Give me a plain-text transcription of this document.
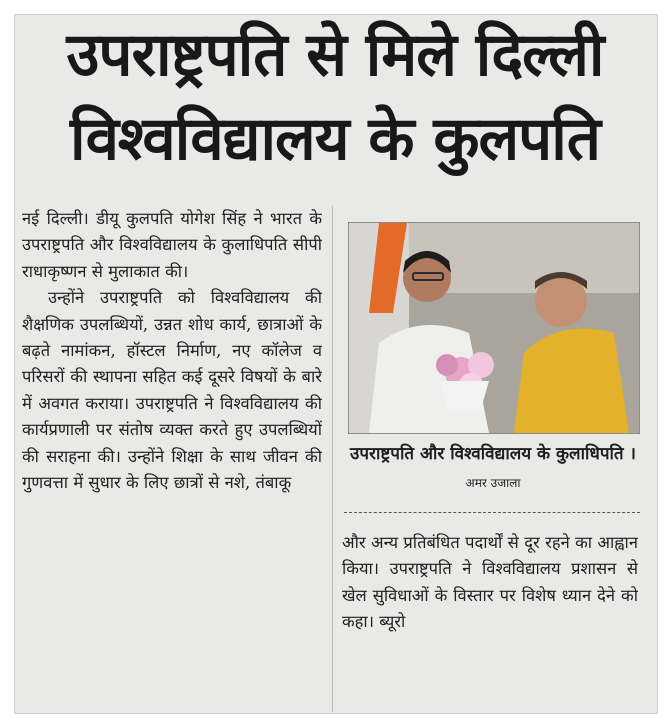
उपराष्ट्रपति से मिले दिल्ली
विश्वविद्यालय के कुलपति

नई दिल्ली। डीयू कुलपति योगेश सिंह ने भारत के उपराष्ट्रपति और विश्वविद्यालय के कुलाधिपति सीपी राधाकृष्णन से मुलाकात की।

उन्होंने उपराष्ट्रपति को विश्वविद्यालय की शैक्षणिक उपलब्धियों, उन्नत शोध कार्य, छात्राओं के बढ़ते नामांकन, हॉस्टल निर्माण, नए कॉलेज व परिसरों की स्थापना सहित कई दूसरे विषयों के बारे में अवगत कराया। उपराष्ट्रपति ने विश्वविद्यालय की कार्यप्रणाली पर संतोष व्यक्त करते हुए उपलब्धियों की सराहना की। उन्होंने शिक्षा के साथ जीवन की गुणवत्ता में सुधार के लिए छात्रों से नशे, तंबाकू

उपराष्ट्रपति और विश्वविद्यालय के कुलाधिपति । अमर उजाला

और अन्य प्रतिबंधित पदार्थों से दूर रहने का आह्वान किया। उपराष्ट्रपति ने विश्वविद्यालय प्रशासन से खेल सुविधाओं के विस्तार पर विशेष ध्यान देने को कहा। ब्यूरो
